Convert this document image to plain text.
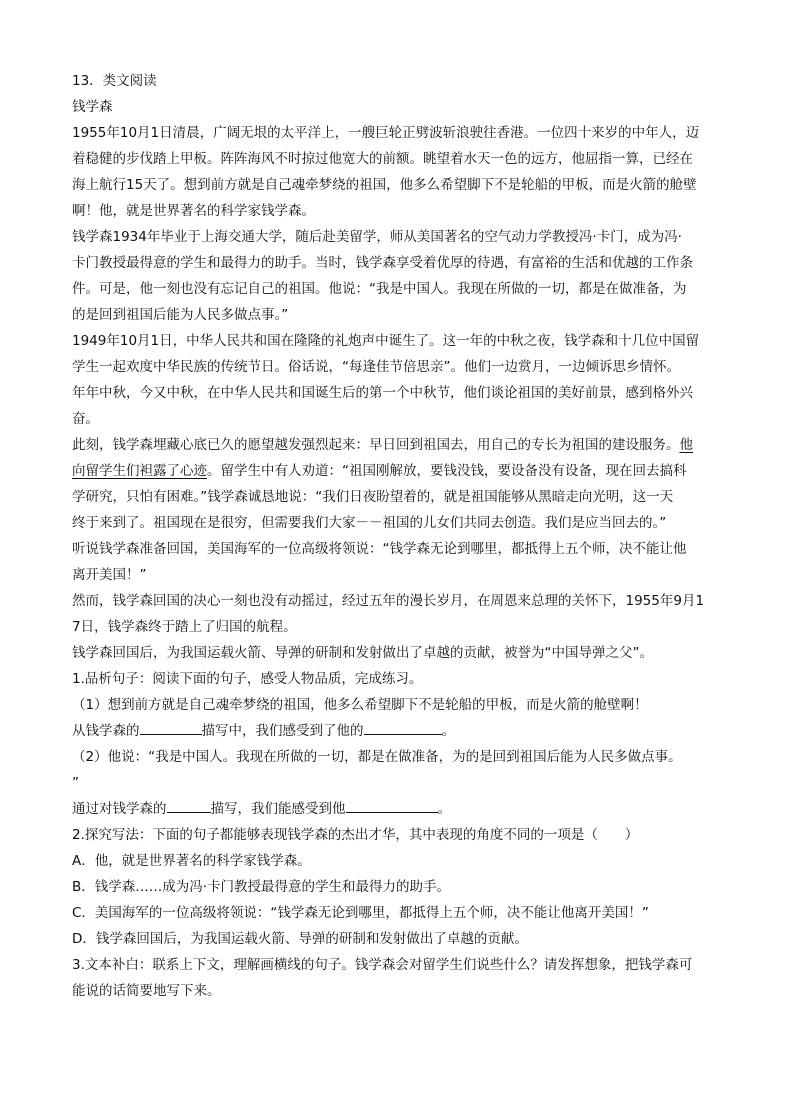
13．类文阅读
钱学森
1955年10月1日清晨，广阔无垠的太平洋上，一艘巨轮正劈波斩浪驶往香港。一位四十来岁的中年人，迈
着稳健的步伐踏上甲板。阵阵海风不时掠过他宽大的前额。眺望着水天一色的远方，他屈指一算，已经在
海上航行15天了。想到前方就是自己魂牵梦绕的祖国，他多么希望脚下不是轮船的甲板，而是火箭的舱壁
啊！他，就是世界著名的科学家钱学森。
钱学森1934年毕业于上海交通大学，随后赴美留学，师从美国著名的空气动力学教授冯·卡门，成为冯·
卡门教授最得意的学生和最得力的助手。当时，钱学森享受着优厚的待遇，有富裕的生活和优越的工作条
件。可是，他一刻也没有忘记自己的祖国。他说：“我是中国人。我现在所做的一切，都是在做准备，为
的是回到祖国后能为人民多做点事。”
1949年10月1日，中华人民共和国在隆隆的礼炮声中诞生了。这一年的中秋之夜，钱学森和十几位中国留
学生一起欢度中华民族的传统节日。俗话说，“每逢佳节倍思亲”。他们一边赏月，一边倾诉思乡情怀。
年年中秋，今又中秋，在中华人民共和国诞生后的第一个中秋节，他们谈论祖国的美好前景，感到格外兴
奋。
此刻，钱学森埋藏心底已久的愿望越发强烈起来：早日回到祖国去，用自己的专长为祖国的建设服务。他
向留学生们袒露了心迹。留学生中有人劝道：“祖国刚解放，要钱没钱，要设备没有设备，现在回去搞科
学研究，只怕有困难。”钱学森诚恳地说：“我们日夜盼望着的，就是祖国能够从黑暗走向光明，这一天
终于来到了。祖国现在是很穷，但需要我们大家－－祖国的儿女们共同去创造。我们是应当回去的。”
听说钱学森准备回国，美国海军的一位高级将领说：“钱学森无论到哪里，都抵得上五个师，决不能让他
离开美国！”
然而，钱学森回国的决心一刻也没有动摇过，经过五年的漫长岁月，在周恩来总理的关怀下，1955年9月1
7日，钱学森终于踏上了归国的航程。
钱学森回国后，为我国运载火箭、导弹的研制和发射做出了卓越的贡献，被誉为“中国导弹之父”。
1.品析句子：阅读下面的句子，感受人物品质，完成练习。
（1）想到前方就是自己魂牵梦绕的祖国，他多么希望脚下不是轮船的甲板，而是火箭的舱壁啊！
从钱学森的	描写中，我们感受到了他的	。
（2）他说：“我是中国人。我现在所做的一切，都是在做准备，为的是回到祖国后能为人民多做点事。
”
通过对钱学森的	描写，我们能感受到他	。
2.探究写法：下面的句子都能够表现钱学森的杰出才华，其中表现的角度不同的一项是（　　）
A．他，就是世界著名的科学家钱学森。
B．钱学森……成为冯·卡门教授最得意的学生和最得力的助手。
C．美国海军的一位高级将领说：“钱学森无论到哪里，都抵得上五个师，决不能让他离开美国！”
D．钱学森回国后，为我国运载火箭、导弹的研制和发射做出了卓越的贡献。
3.文本补白：联系上下文，理解画横线的句子。钱学森会对留学生们说些什么？请发挥想象，把钱学森可
能说的话简要地写下来。
